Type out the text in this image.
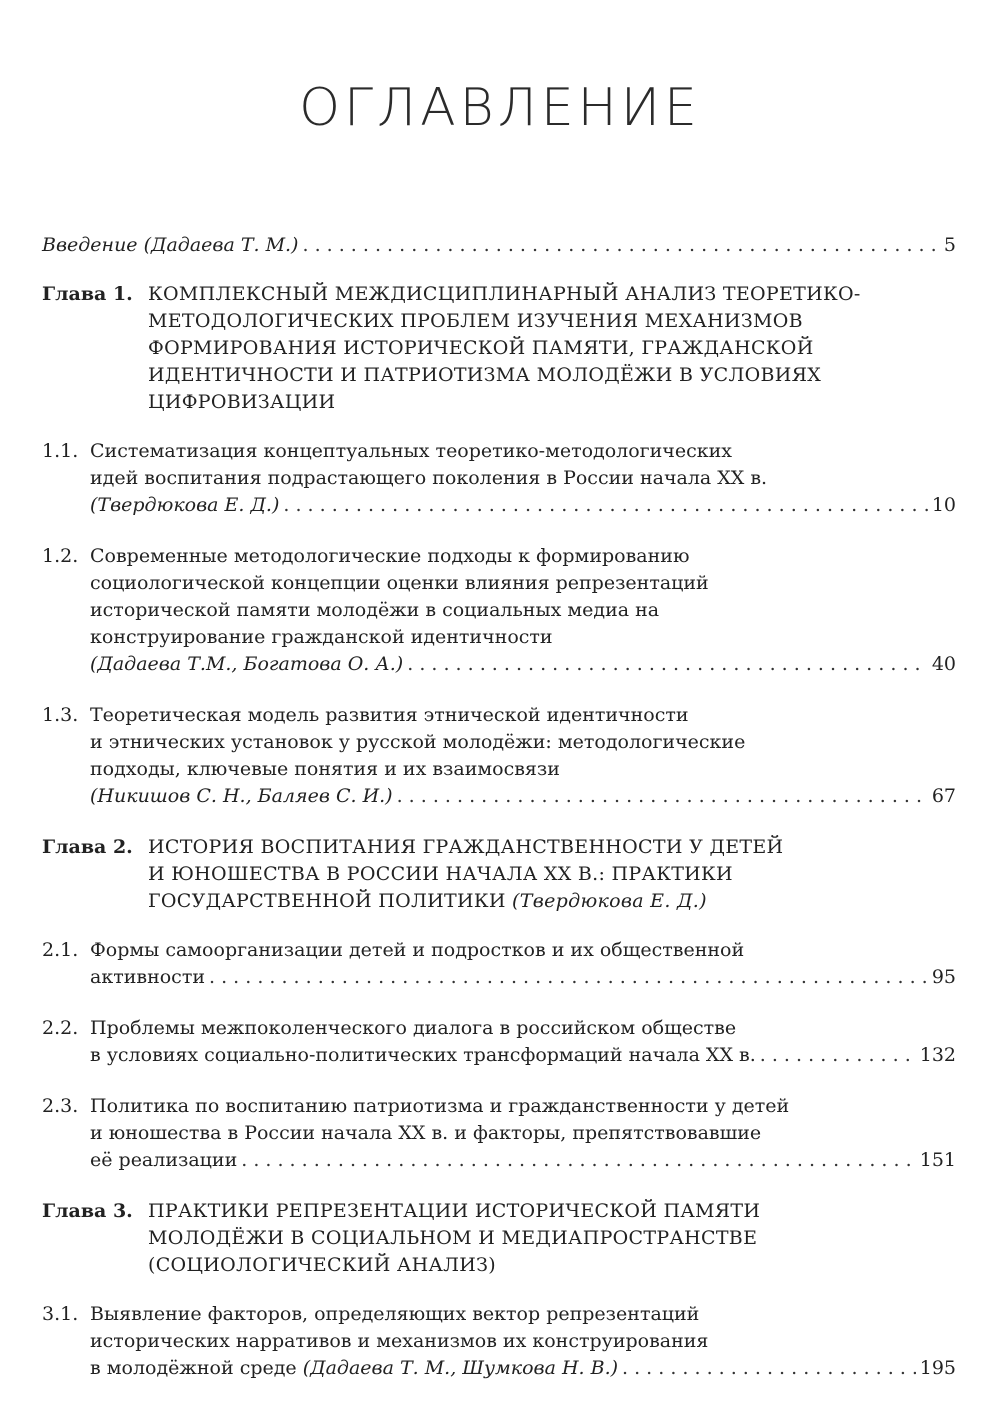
ОГЛАВЛЕНИЕ
Введение (Дадаева Т. М.) . . .	5
Глава 1. КОМПЛЕКСНЫЙ МЕЖДИСЦИПЛИНАРНЫЙ АНАЛИЗ ТЕОРЕТИКО-
МЕТОДОЛОГИЧЕСКИХ ПРОБЛЕМ ИЗУЧЕНИЯ МЕХАНИЗМОВ
ФОРМИРОВАНИЯ ИСТОРИЧЕСКОЙ ПАМЯТИ, ГРАЖДАНСКОЙ
ИДЕНТИЧНОСТИ И ПАТРИОТИЗМА МОЛОДЁЖИ В УСЛОВИЯХ
ЦИФРОВИЗАЦИИ
1.1. Систематизация концептуальных теоретико-методологических
идей воспитания подрастающего поколения в России начала XX в.
(Твердюкова Е. Д.) . . .	10
1.2. Современные методологические подходы к формированию
социологической концепции оценки влияния репрезентаций
исторической памяти молодёжи в социальных медиа на
конструирование гражданской идентичности
(Дадаева Т.М., Богатова О. А.) . . .	40
1.3. Теоретическая модель развития этнической идентичности
и этнических установок у русской молодёжи: методологические
подходы, ключевые понятия и их взаимосвязи
(Никишов С. Н., Баляев С. И.) . . .	67
Глава 2. ИСТОРИЯ ВОСПИТАНИЯ ГРАЖДАНСТВЕННОСТИ У ДЕТЕЙ
И ЮНОШЕСТВА В РОССИИ НАЧАЛА XX В.: ПРАКТИКИ
ГОСУДАРСТВЕННОЙ ПОЛИТИКИ (Твердюкова Е. Д.)
2.1. Формы самоорганизации детей и подростков и их общественной
активности . . .	95
2.2. Проблемы межпоколенческого диалога в российском обществе
в условиях социально-политических трансформаций начала XX в. . . .	132
2.3. Политика по воспитанию патриотизма и гражданственности у детей
и юношества в России начала XX в. и факторы, препятствовавшие
её реализации . . .	151
Глава 3. ПРАКТИКИ РЕПРЕЗЕНТАЦИИ ИСТОРИЧЕСКОЙ ПАМЯТИ
МОЛОДЁЖИ В СОЦИАЛЬНОМ И МЕДИАПРОСТРАНСТВЕ
(СОЦИОЛОГИЧЕСКИЙ АНАЛИЗ)
3.1. Выявление факторов, определяющих вектор репрезентаций
исторических нарративов и механизмов их конструирования
в молодёжной среде (Дадаева Т. М., Шумкова Н. В.) . . .	195
